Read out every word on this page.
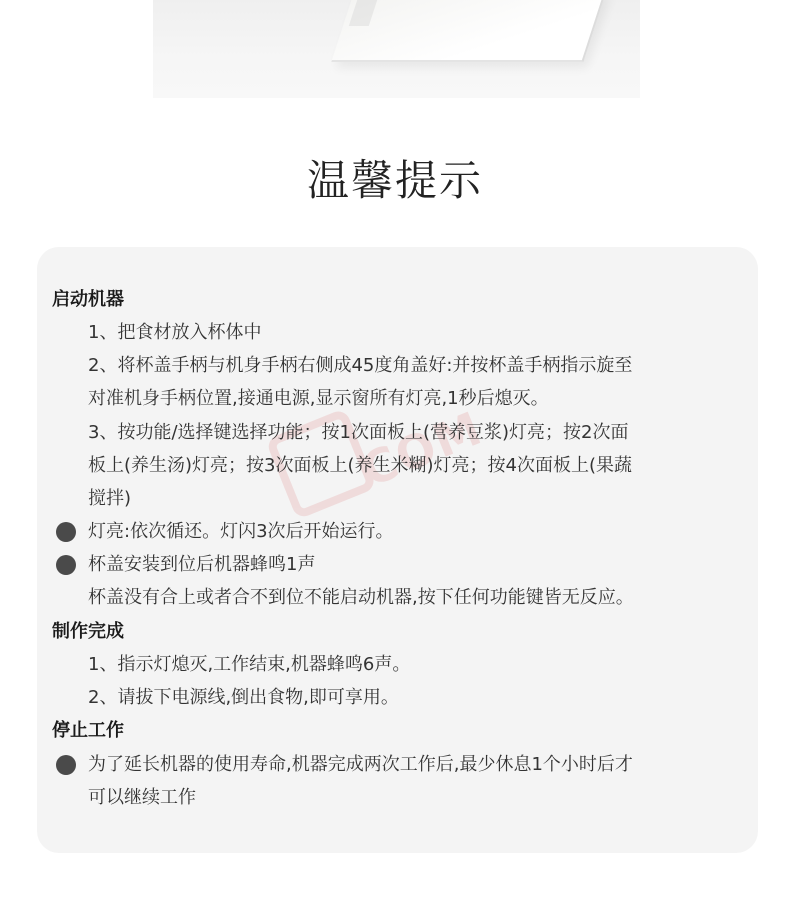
温馨提示
启动机器
1、把食材放入杯体中
2、将杯盖手柄与机身手柄右侧成45度角盖好:并按杯盖手柄指示旋至
对准机身手柄位置,接通电源,显示窗所有灯亮,1秒后熄灭。
3、按功能/选择键选择功能；按1次面板上(营养豆浆)灯亮；按2次面
板上(养生汤)灯亮；按3次面板上(养生米糊)灯亮；按4次面板上(果蔬
搅拌)
灯亮:依次循还。灯闪3次后开始运行。
杯盖安装到位后机器蜂鸣1声
杯盖没有合上或者合不到位不能启动机器,按下任何功能键皆无反应。
制作完成
1、指示灯熄灭,工作结束,机器蜂鸣6声。
2、请拔下电源线,倒出食物,即可享用。
停止工作
为了延长机器的使用寿命,机器完成两次工作后,最少休息1个小时后才
可以继续工作
